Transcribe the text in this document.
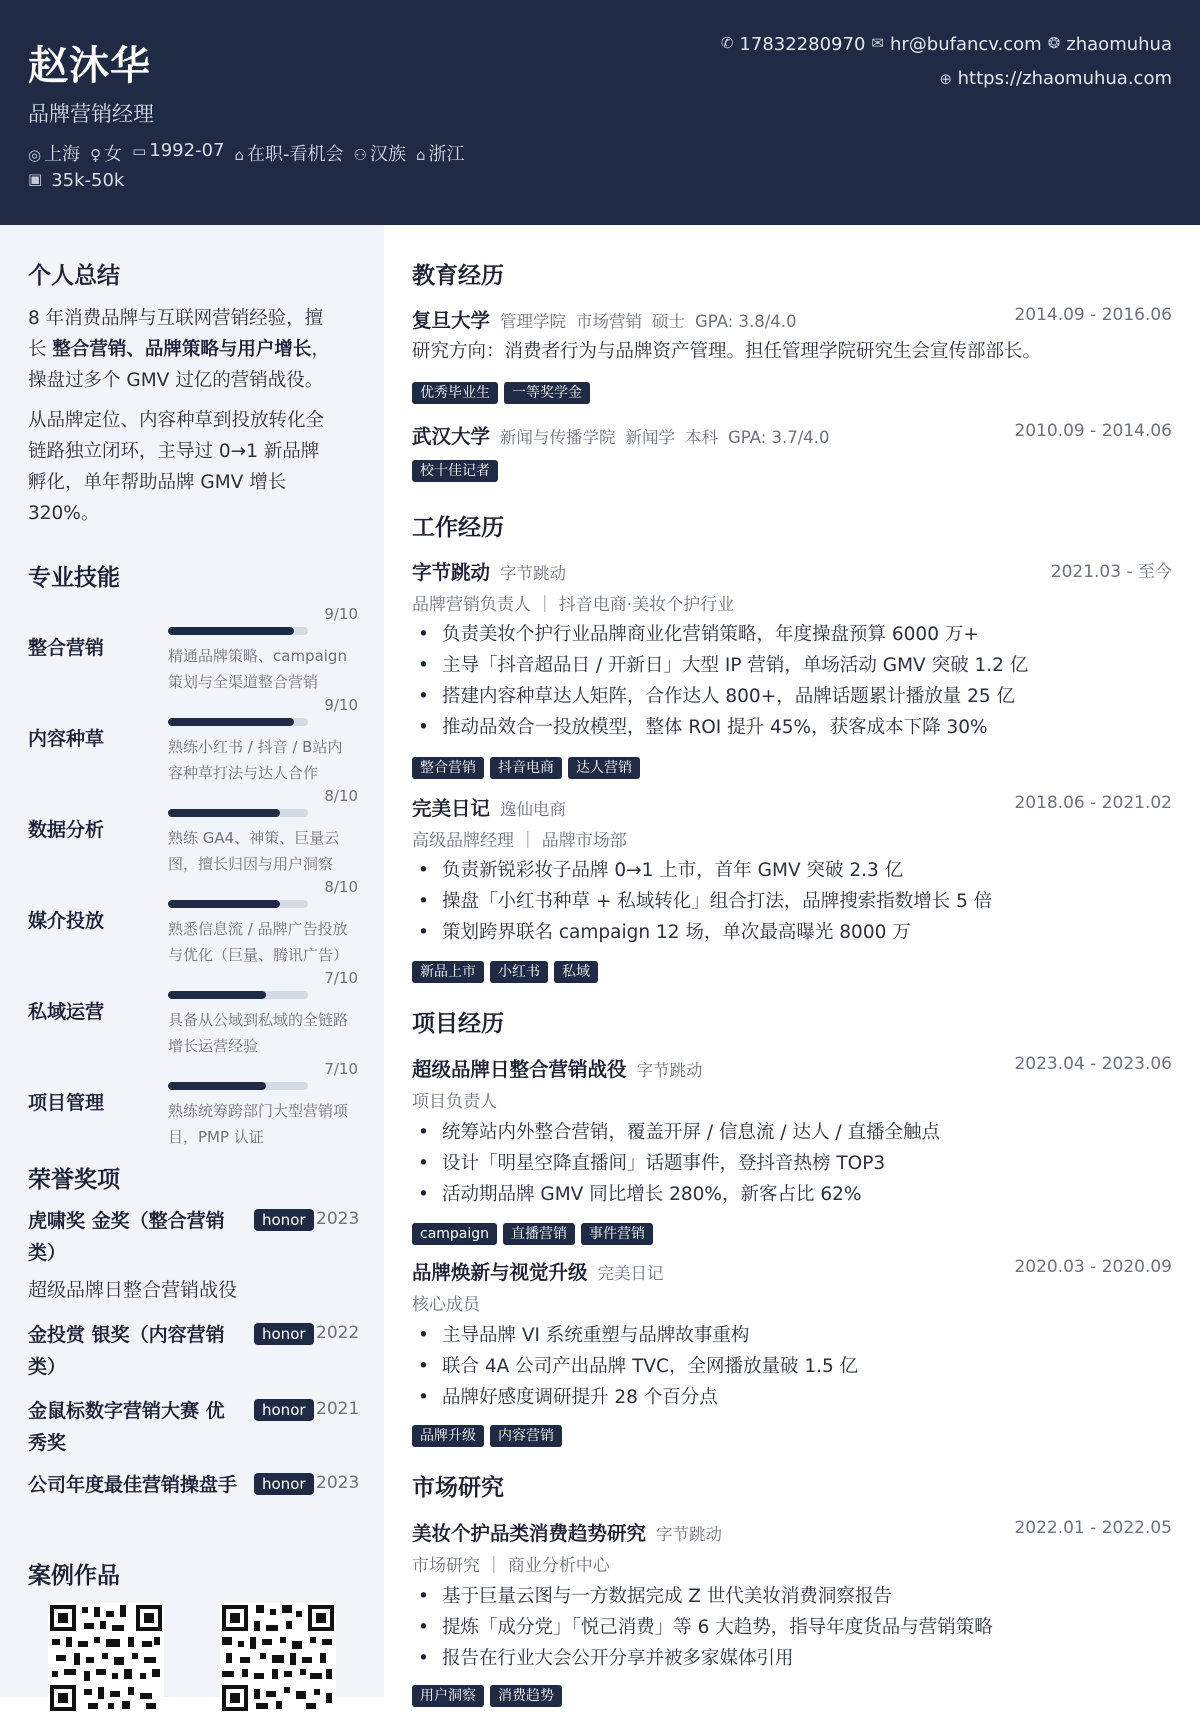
赵沐华
品牌营销经理
◎ 上海 ♀ 女 ▭ 1992-07 ⌂ 在职-看机会 ⚇ 汉族 ⌂ 浙江
▣ 35k-50k
✆ 17832280970 ✉ hr@bufancv.com ❂ zhaomuhua
⊕ https://zhaomuhua.com
个人总结
8 年消费品牌与互联网营销经验，擅
长 整合营销、品牌策略与用户增长，
操盘过多个 GMV 过亿的营销战役。
从品牌定位、内容种草到投放转化全
链路独立闭环，主导过 0→1 新品牌
孵化，单年帮助品牌 GMV 增长
320%。
专业技能
整合营销
9/10
精通品牌策略、campaign
策划与全渠道整合营销
内容种草
9/10
熟练小红书 / 抖音 / B站内
容种草打法与达人合作
数据分析
8/10
熟练 GA4、神策、巨量云
图，擅长归因与用户洞察
媒介投放
8/10
熟悉信息流 / 品牌广告投放
与优化（巨量、腾讯广告）
私域运营
7/10
具备从公域到私域的全链路
增长运营经验
项目管理
7/10
熟练统筹跨部门大型营销项
目，PMP 认证
荣誉奖项
虎啸奖 金奖（整合营销类）
honor 2023
超级品牌日整合营销战役
金投赏 银奖（内容营销类）
honor 2022
金鼠标数字营销大赛 优秀奖
honor 2021
公司年度最佳营销操盘手	honor 2023
案例作品
教育经历
复旦大学 管理学院 市场营销 硕士 GPA: 3.8/4.0	2014.09 - 2016.06
研究方向：消费者行为与品牌资产管理。担任管理学院研究生会宣传部部长。
优秀毕业生	一等奖学金
武汉大学 新闻与传播学院 新闻学 本科 GPA: 3.7/4.0	2010.09 - 2014.06
校十佳记者
工作经历
字节跳动 字节跳动	2021.03 - 至今
品牌营销负责人 ｜ 抖音电商·美妆个护行业
• 负责美妆个护行业品牌商业化营销策略，年度操盘预算 6000 万+
• 主导「抖音超品日 / 开新日」大型 IP 营销，单场活动 GMV 突破 1.2 亿
• 搭建内容种草达人矩阵，合作达人 800+，品牌话题累计播放量 25 亿
• 推动品效合一投放模型，整体 ROI 提升 45%，获客成本下降 30%
整合营销	抖音电商	达人营销
完美日记 逸仙电商	2018.06 - 2021.02
高级品牌经理 ｜ 品牌市场部
• 负责新锐彩妆子品牌 0→1 上市，首年 GMV 突破 2.3 亿
• 操盘「小红书种草 + 私域转化」组合打法，品牌搜索指数增长 5 倍
• 策划跨界联名 campaign 12 场，单次最高曝光 8000 万
新品上市	小红书	私域
项目经历
超级品牌日整合营销战役 字节跳动	2023.04 - 2023.06
项目负责人
• 统筹站内外整合营销，覆盖开屏 / 信息流 / 达人 / 直播全触点
• 设计「明星空降直播间」话题事件，登抖音热榜 TOP3
• 活动期品牌 GMV 同比增长 280%，新客占比 62%
campaign	直播营销	事件营销
品牌焕新与视觉升级 完美日记	2020.03 - 2020.09
核心成员
• 主导品牌 VI 系统重塑与品牌故事重构
• 联合 4A 公司产出品牌 TVC，全网播放量破 1.5 亿
• 品牌好感度调研提升 28 个百分点
品牌升级	内容营销
市场研究
美妆个护品类消费趋势研究 字节跳动	2022.01 - 2022.05
市场研究 ｜ 商业分析中心
• 基于巨量云图与一方数据完成 Z 世代美妆消费洞察报告
• 提炼「成分党」「悦己消费」等 6 大趋势，指导年度货品与营销策略
• 报告在行业大会公开分享并被多家媒体引用
用户洞察	消费趋势
